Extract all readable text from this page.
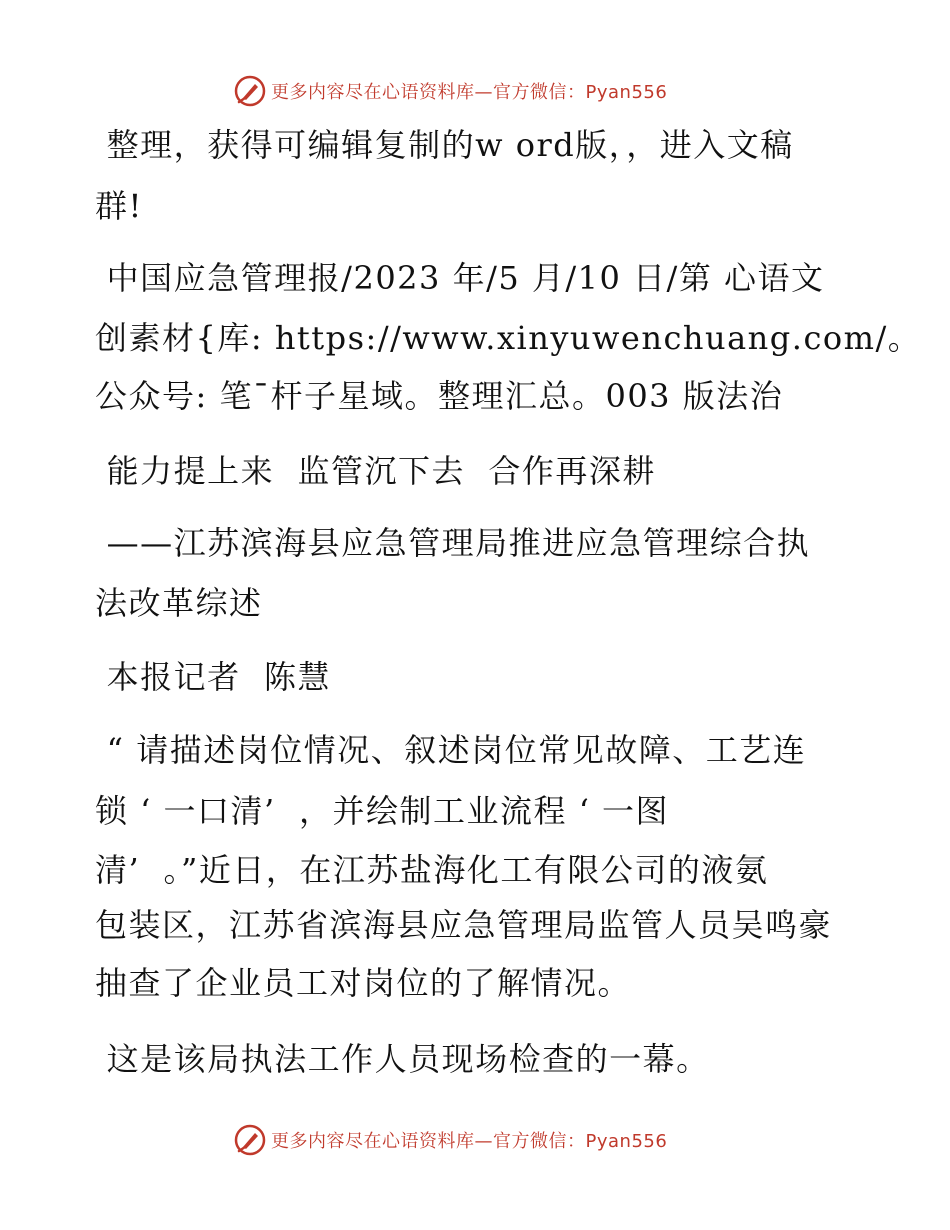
更多内容尽在心语资料库—官方微信：Pyan556
整理，获得可编辑复制的w ord版，，进入文稿
群!
中国应急管理报/2023 年/5 月/10 日/第 心语文
创素材{库: https://www.xinyuwenchuang.com/。
公众号: 笔¯杆子星域。整理汇总。003 版法治
能力提上来  监管沉下去  合作再深耕
——江苏滨海县应急管理局推进应急管理综合执
法改革综述
本报记者  陈慧
“ 请描述岗位情况、叙述岗位常见故障、工艺连
锁 ‘ 一口清’  ，并绘制工业流程 ‘ 一图
清’  。”近日，在江苏盐海化工有限公司的液氨
包装区，江苏省滨海县应急管理局监管人员吴鸣豪
抽查了企业员工对岗位的了解情况。
这是该局执法工作人员现场检查的一幕。
更多内容尽在心语资料库—官方微信：Pyan556
